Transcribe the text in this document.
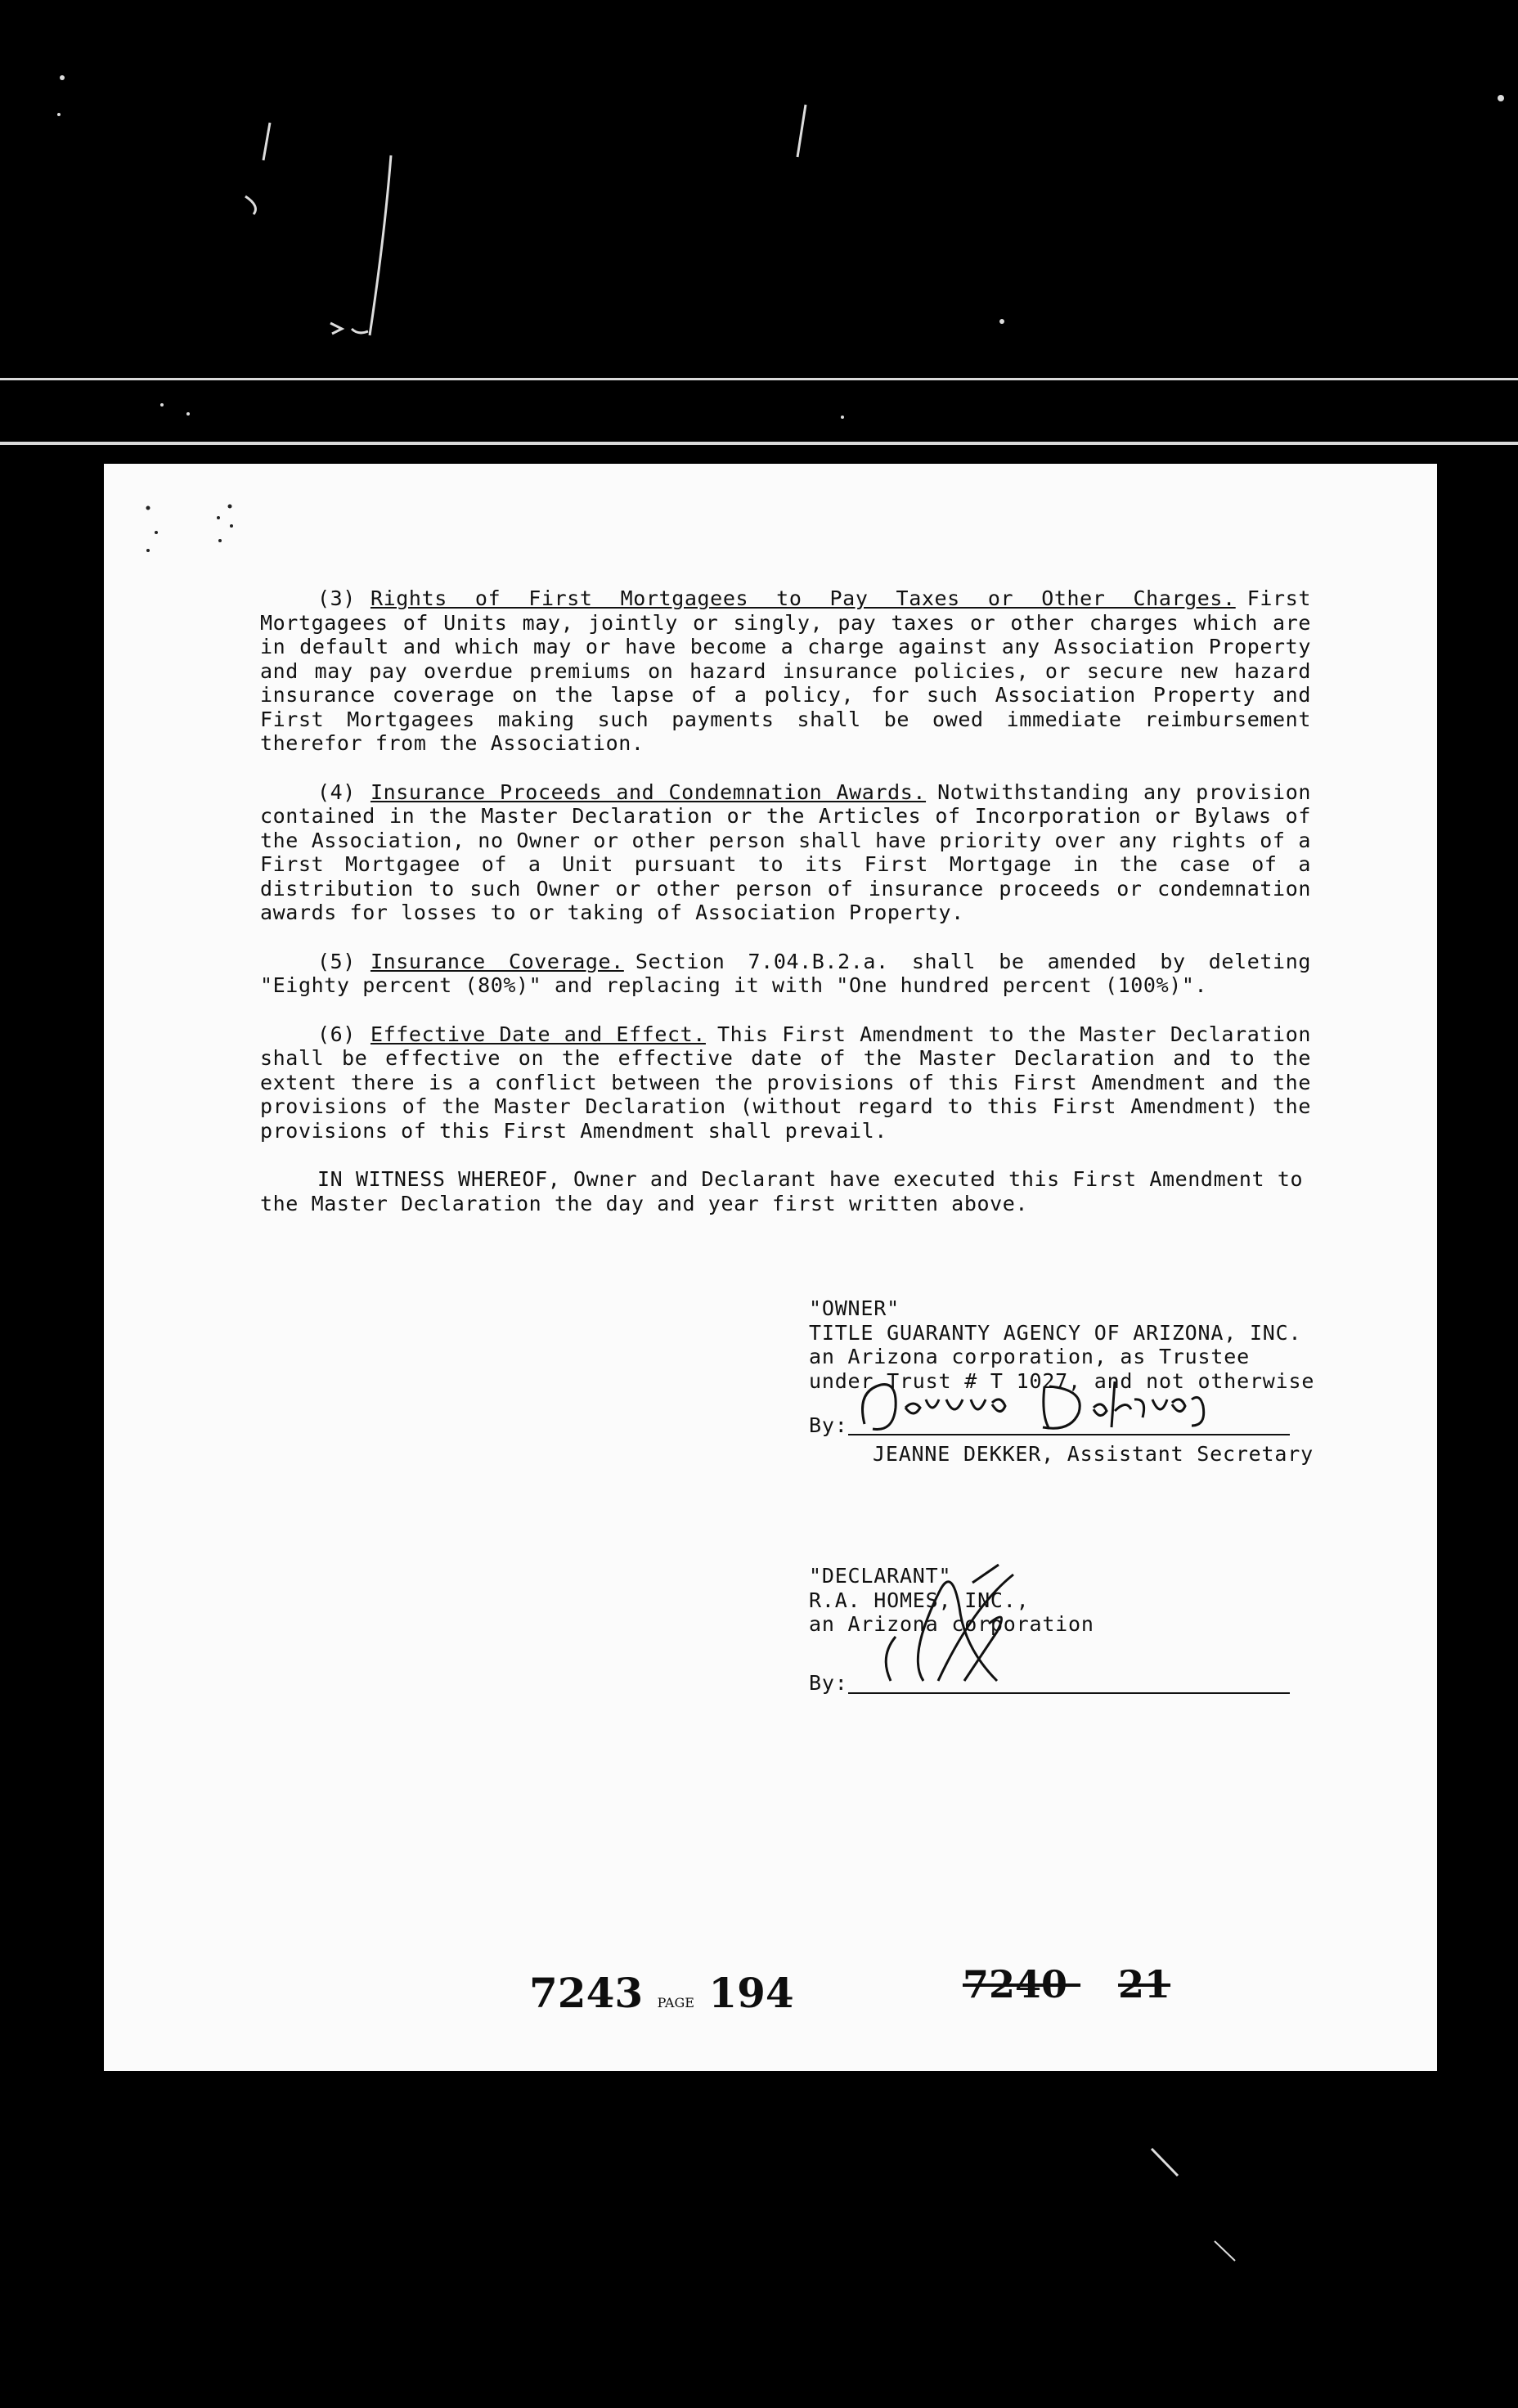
(3) Rights of First Mortgagees to Pay Taxes or Other Charges. First Mortgagees of Units may, jointly or singly, pay taxes or other charges which are in default and which may or have become a charge against any Association Property and may pay overdue premiums on hazard insurance policies, or secure new hazard insurance coverage on the lapse of a policy, for such Association Property and First Mortgagees making such payments shall be owed immediate reimbursement therefor from the Association.

(4) Insurance Proceeds and Condemnation Awards. Notwithstanding any provision contained in the Master Declaration or the Articles of Incorporation or Bylaws of the Association, no Owner or other person shall have priority over any rights of a First Mortgagee of a Unit pursuant to its First Mortgage in the case of a distribution to such Owner or other person of insurance proceeds or condemnation awards for losses to or taking of Association Property.

(5) Insurance Coverage. Section 7.04.B.2.a. shall be amended by deleting "Eighty percent (80%)" and replacing it with "One hundred percent (100%)".

(6) Effective Date and Effect. This First Amendment to the Master Declaration shall be effective on the effective date of the Master Declaration and to the extent there is a conflict between the provisions of this First Amendment and the provisions of the Master Declaration (without regard to this First Amendment) the provisions of this First Amendment shall prevail.

IN WITNESS WHEREOF, Owner and Declarant have executed this First Amendment to the Master Declaration the day and year first written above.

"OWNER"
TITLE GUARANTY AGENCY OF ARIZONA, INC.
an Arizona corporation, as Trustee
under Trust # T 1027, and not otherwise
By:
JEANNE DEKKER, Assistant Secretary
"DECLARANT"
R.A. HOMES, INC.,
an Arizona corporation
By:
7243 PAGE 194	7240 21
